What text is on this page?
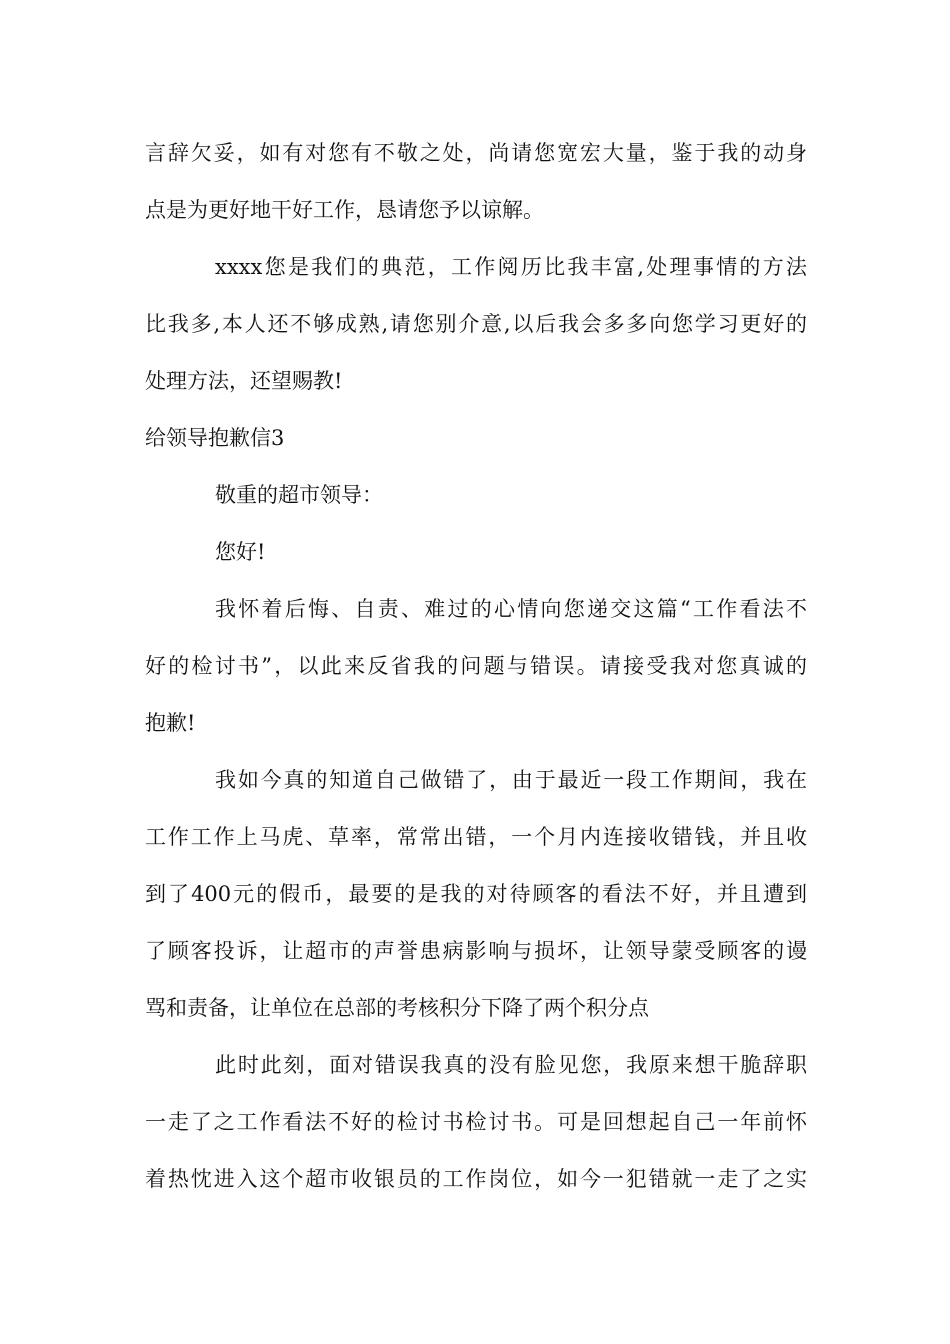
言辞欠妥，如有对您有不敬之处，尚请您宽宏大量，鉴于我的动身
点是为更好地干好工作，恳请您予以谅解。
xxxx您是我们的典范，工作阅历比我丰富,处理事情的方法
比我多,本人还不够成熟,请您别介意,以后我会多多向您学习更好的
处理方法，还望赐教!
给领导抱歉信3
敬重的超市领导：
您好!
我怀着后悔、自责、难过的心情向您递交这篇“工作看法不
好的检讨书”，以此来反省我的问题与错误。请接受我对您真诚的
抱歉!
我如今真的知道自己做错了，由于最近一段工作期间，我在
工作工作上马虎、草率，常常出错，一个月内连接收错钱，并且收
到了400元的假币，最要的是我的对待顾客的看法不好，并且遭到
了顾客投诉，让超市的声誉患病影响与损坏，让领导蒙受顾客的谩
骂和责备，让单位在总部的考核积分下降了两个积分点
此时此刻，面对错误我真的没有脸见您，我原来想干脆辞职
一走了之工作看法不好的检讨书检讨书。可是回想起自己一年前怀
着热忱进入这个超市收银员的工作岗位，如今一犯错就一走了之实
